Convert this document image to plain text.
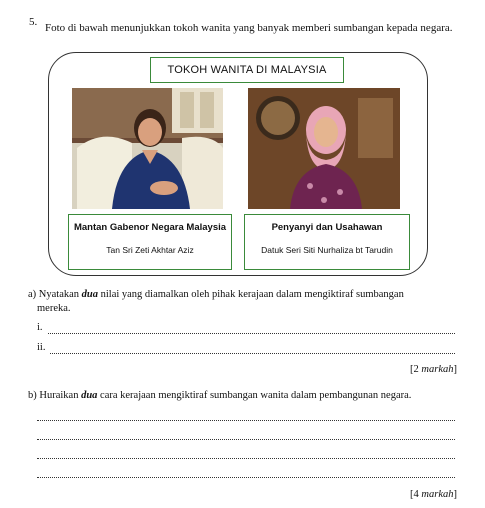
5. Foto di bawah menunjukkan tokoh wanita yang banyak memberi sumbangan kepada negara.
TOKOH WANITA DI MALAYSIA
Mantan Gabenor Negara Malaysia
Tan Sri Zeti Akhtar Aziz
Penyanyi dan Usahawan
Datuk Seri Siti Nurhaliza bt Tarudin
a) Nyatakan dua nilai yang diamalkan oleh pihak kerajaan dalam mengiktiraf sumbangan
mereka.
i.
ii.
[2 markah]
b) Huraikan dua cara kerajaan mengiktiraf sumbangan wanita dalam pembangunan negara.
[4 markah]
